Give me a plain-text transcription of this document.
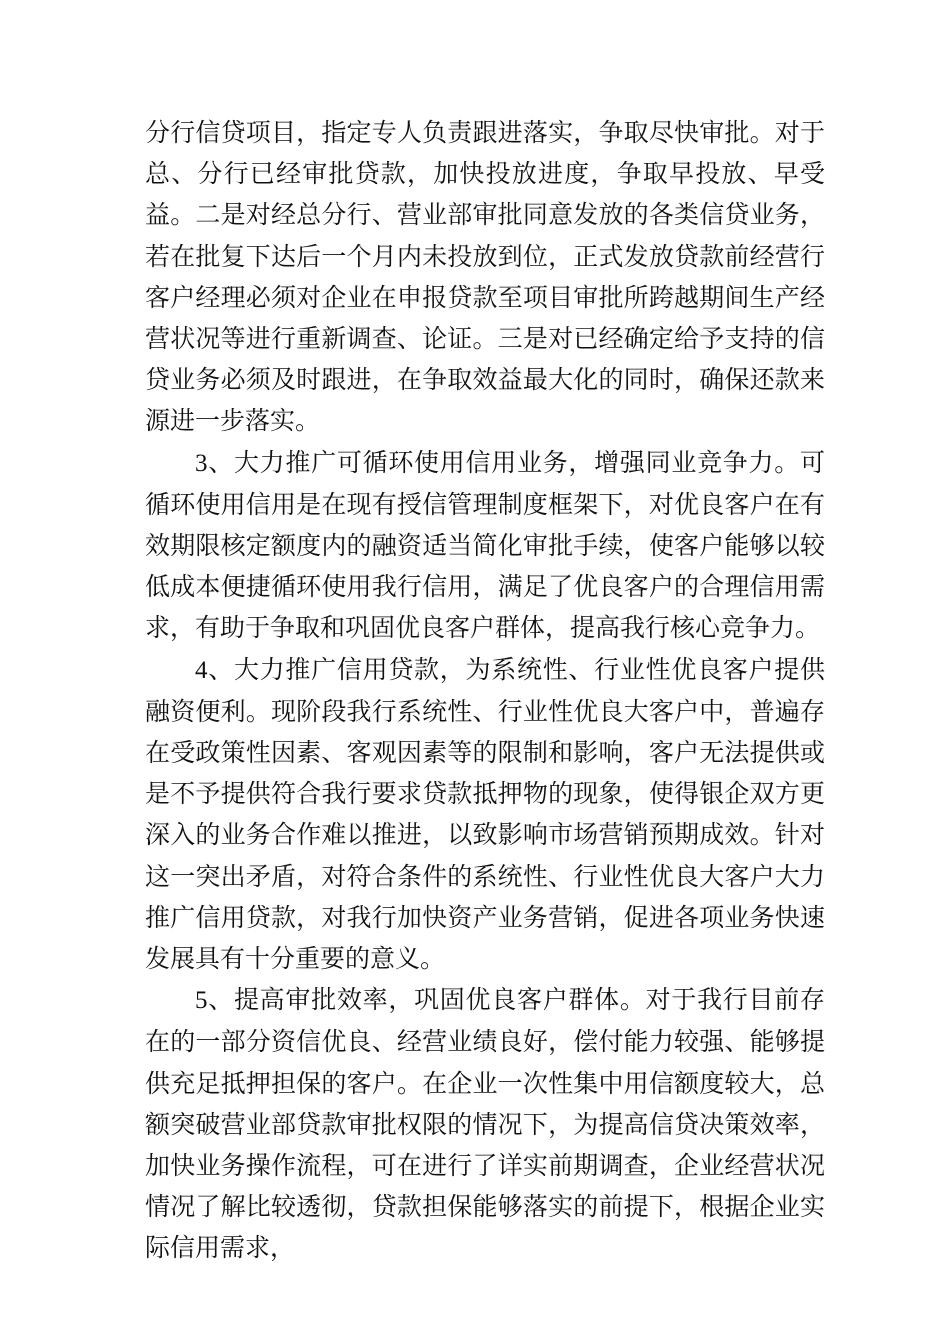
分行信贷项目，指定专人负责跟进落实，争取尽快审批。对于总、分行已经审批贷款，加快投放进度，争取早投放、早受益。二是对经总分行、营业部审批同意发放的各类信贷业务，若在批复下达后一个月内未投放到位，正式发放贷款前经营行客户经理必须对企业在申报贷款至项目审批所跨越期间生产经营状况等进行重新调查、论证。三是对已经确定给予支持的信贷业务必须及时跟进，在争取效益最大化的同时，确保还款来源进一步落实。

3、大力推广可循环使用信用业务，增强同业竞争力。可循环使用信用是在现有授信管理制度框架下，对优良客户在有效期限核定额度内的融资适当简化审批手续，使客户能够以较低成本便捷循环使用我行信用，满足了优良客户的合理信用需求，有助于争取和巩固优良客户群体，提高我行核心竞争力。

4、大力推广信用贷款，为系统性、行业性优良客户提供融资便利。现阶段我行系统性、行业性优良大客户中，普遍存在受政策性因素、客观因素等的限制和影响，客户无法提供或是不予提供符合我行要求贷款抵押物的现象，使得银企双方更深入的业务合作难以推进，以致影响市场营销预期成效。针对这一突出矛盾，对符合条件的系统性、行业性优良大客户大力推广信用贷款，对我行加快资产业务营销，促进各项业务快速发展具有十分重要的意义。

5、提高审批效率，巩固优良客户群体。对于我行目前存在的一部分资信优良、经营业绩良好，偿付能力较强、能够提供充足抵押担保的客户。在企业一次性集中用信额度较大，总额突破营业部贷款审批权限的情况下，为提高信贷决策效率，加快业务操作流程，可在进行了详实前期调查，企业经营状况情况了解比较透彻，贷款担保能够落实的前提下，根据企业实际信用需求，
